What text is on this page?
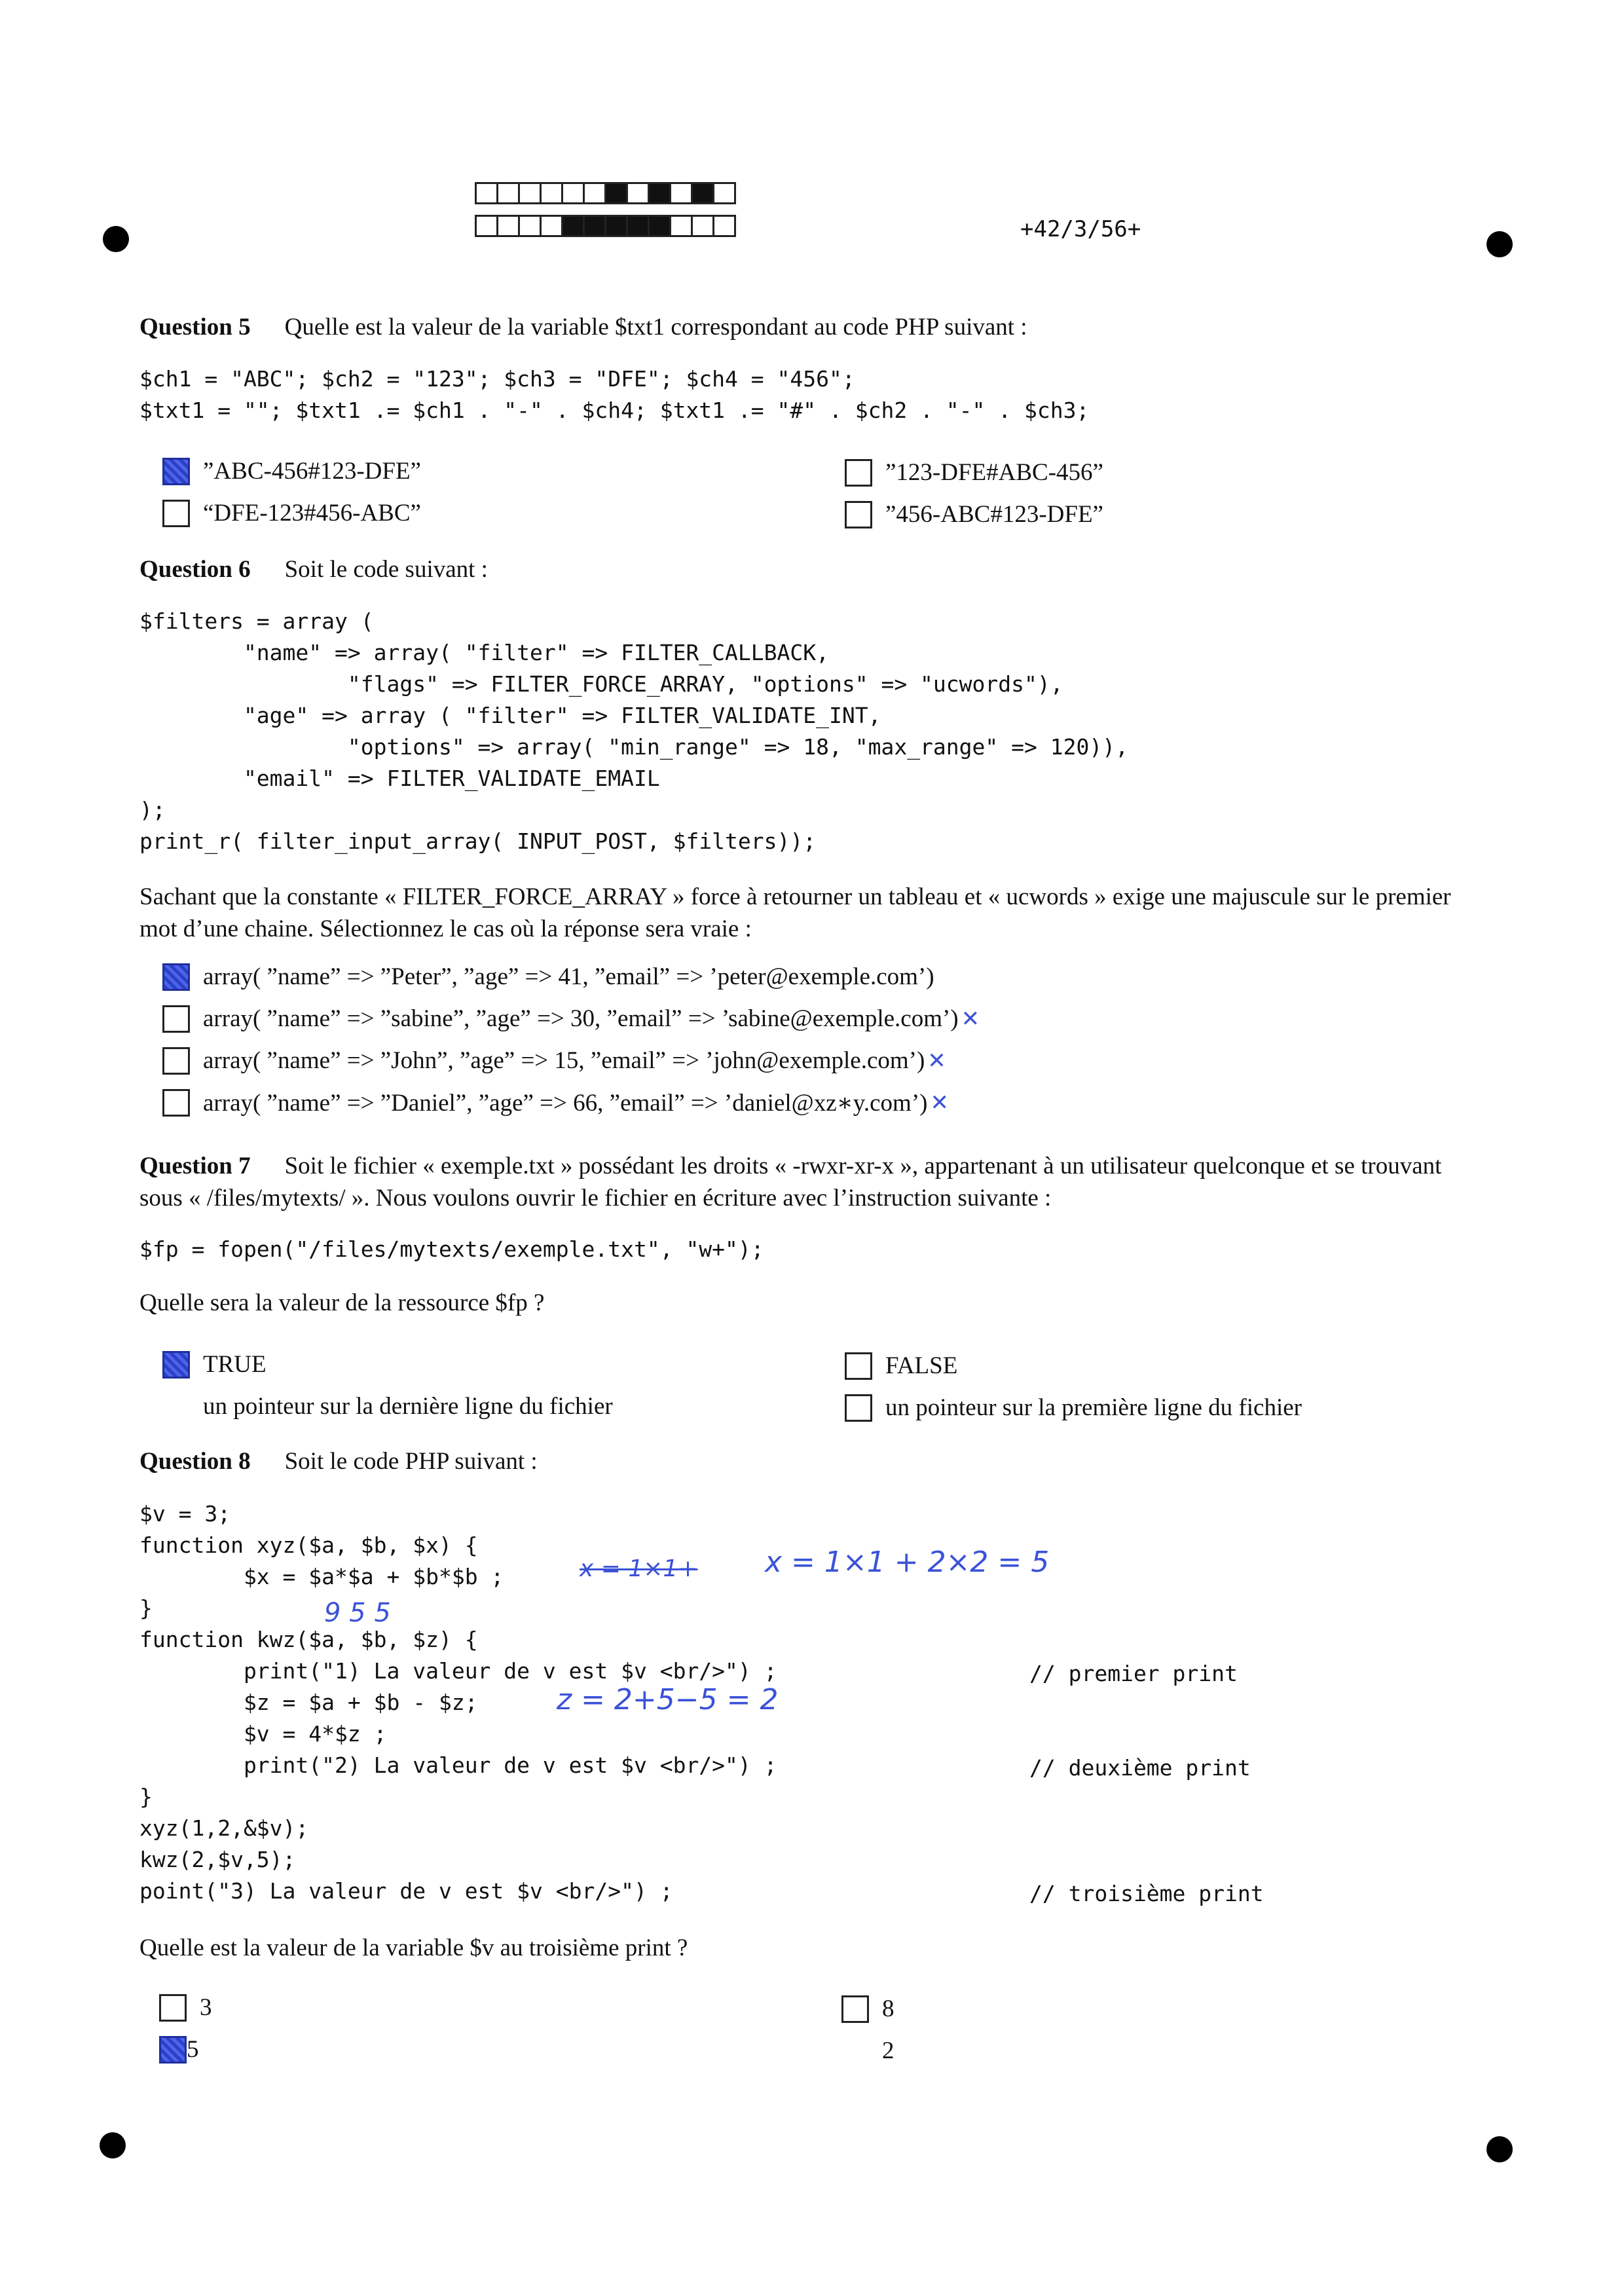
+42/3/56+
Question 5 Quelle est la valeur de la variable $txt1 correspondant au code PHP suivant :
$ch1 = "ABC"; $ch2 = "123"; $ch3 = "DFE"; $ch4 = "456";
$txt1 = ""; $txt1 .= $ch1 . "-" . $ch4; $txt1 .= "#" . $ch2 . "-" . $ch3;
”ABC-456#123-DFE”	”123-DFE#ABC-456”
“DFE-123#456-ABC”	”456-ABC#123-DFE”
Question 6 Soit le code suivant :
$filters = array (
"name" => array( "filter" => FILTER_CALLBACK,
"flags" => FILTER_FORCE_ARRAY, "options" => "ucwords"),
"age" => array ( "filter" => FILTER_VALIDATE_INT,
"options" => array( "min_range" => 18, "max_range" => 120)),
"email" => FILTER_VALIDATE_EMAIL
);
print_r( filter_input_array( INPUT_POST, $filters));
Sachant que la constante « FILTER_FORCE_ARRAY » force à retourner un tableau et « ucwords » exige une majuscule sur le premier mot d’une chaine. Sélectionnez le cas où la réponse sera vraie :
array( ”name” => ”Peter”, ”age” => 41, ”email” => ’peter@exemple.com’)
array( ”name” => ”sabine”, ”age” => 30, ”email” => ’sabine@exemple.com’) ✕
array( ”name” => ”John”, ”age” => 15, ”email” => ’john@exemple.com’) ✕
array( ”name” => ”Daniel”, ”age” => 66, ”email” => ’daniel@xz∗y.com’) ✕
Question 7 Soit le fichier « exemple.txt » possédant les droits « -rwxr-xr-x », appartenant à un utilisateur quelconque et se trouvant sous « /files/mytexts/ ». Nous voulons ouvrir le fichier en écriture avec l’instruction suivante :
$fp = fopen("/files/mytexts/exemple.txt", "w+");
Quelle sera la valeur de la ressource $fp ?
TRUE	FALSE
un pointeur sur la dernière ligne du fichier	un pointeur sur la première ligne du fichier
Question 8 Soit le code PHP suivant :
$v = 3;
function xyz($a, $b, $x) {
$x = $a*$a + $b*$b ;
}
function kwz($a, $b, $z) {
print("1) La valeur de v est $v <br/>") ;
$z = $a + $b - $z;
$v = 4*$z ;
print("2) La valeur de v est $v <br/>") ;
}
xyz(1,2,&$v);
kwz(2,$v,5);
point("3) La valeur de v est $v <br/>") ;
// premier print
// deuxième print
// troisième print
x = 1×1+ x = 1×1 + 2×2 = 5
9 5 5
z = 2+5−5 = 2
Quelle est la valeur de la variable $v au troisième print ?
3	8
5	2
